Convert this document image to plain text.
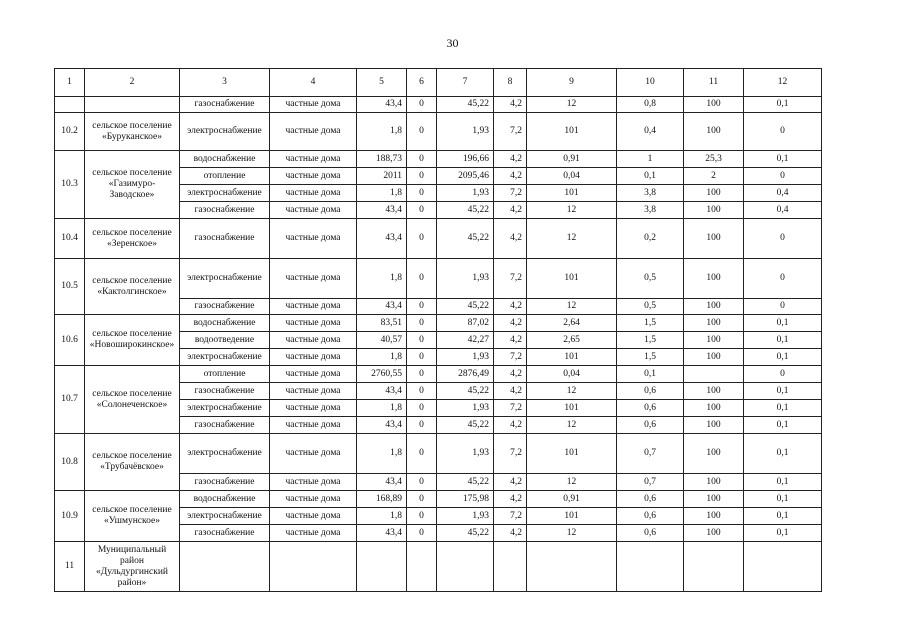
30
1	2	3	4	5	6	7	8	9	10	11	12
		газоснабжение	частные дома	43,4	0	45,22	4,2	12	0,8	100	0,1
10.2	сельское поселение «Буруканское»	электроснабжение	частные дома	1,8	0	1,93	7,2	101	0,4	100	0
10.3	сельское поселение «Газимуро-Заводское»	водоснабжение	частные дома	188,73	0	196,66	4,2	0,91	1	25,3	0,1
		отопление	частные дома	2011	0	2095,46	4,2	0,04	0,1	2	0
		электроснабжение	частные дома	1,8	0	1,93	7,2	101	3,8	100	0,4
		газоснабжение	частные дома	43,4	0	45,22	4,2	12	3,8	100	0,4
10.4	сельское поселение «Зеренское»	газоснабжение	частные дома	43,4	0	45,22	4,2	12	0,2	100	0
10.5	сельское поселение «Кактолгинское»	электроснабжение	частные дома	1,8	0	1,93	7,2	101	0,5	100	0
		газоснабжение	частные дома	43,4	0	45,22	4,2	12	0,5	100	0
10.6	сельское поселение «Новоширокинское»	водоснабжение	частные дома	83,51	0	87,02	4,2	2,64	1,5	100	0,1
		водоотведение	частные дома	40,57	0	42,27	4,2	2,65	1,5	100	0,1
		электроснабжение	частные дома	1,8	0	1,93	7,2	101	1,5	100	0,1
10.7	сельское поселение «Солонеченское»	отопление	частные дома	2760,55	0	2876,49	4,2	0,04	0,1		0
		газоснабжение	частные дома	43,4	0	45,22	4,2	12	0,6	100	0,1
		электроснабжение	частные дома	1,8	0	1,93	7,2	101	0,6	100	0,1
		газоснабжение	частные дома	43,4	0	45,22	4,2	12	0,6	100	0,1
10.8	сельское поселение «Трубачёвское»	электроснабжение	частные дома	1,8	0	1,93	7,2	101	0,7	100	0,1
		газоснабжение	частные дома	43,4	0	45,22	4,2	12	0,7	100	0,1
10.9	сельское поселение «Ушмунское»	водоснабжение	частные дома	168,89	0	175,98	4,2	0,91	0,6	100	0,1
		электроснабжение	частные дома	1,8	0	1,93	7,2	101	0,6	100	0,1
		газоснабжение	частные дома	43,4	0	45,22	4,2	12	0,6	100	0,1
11	Муниципальный район «Дульдургинский район»										
